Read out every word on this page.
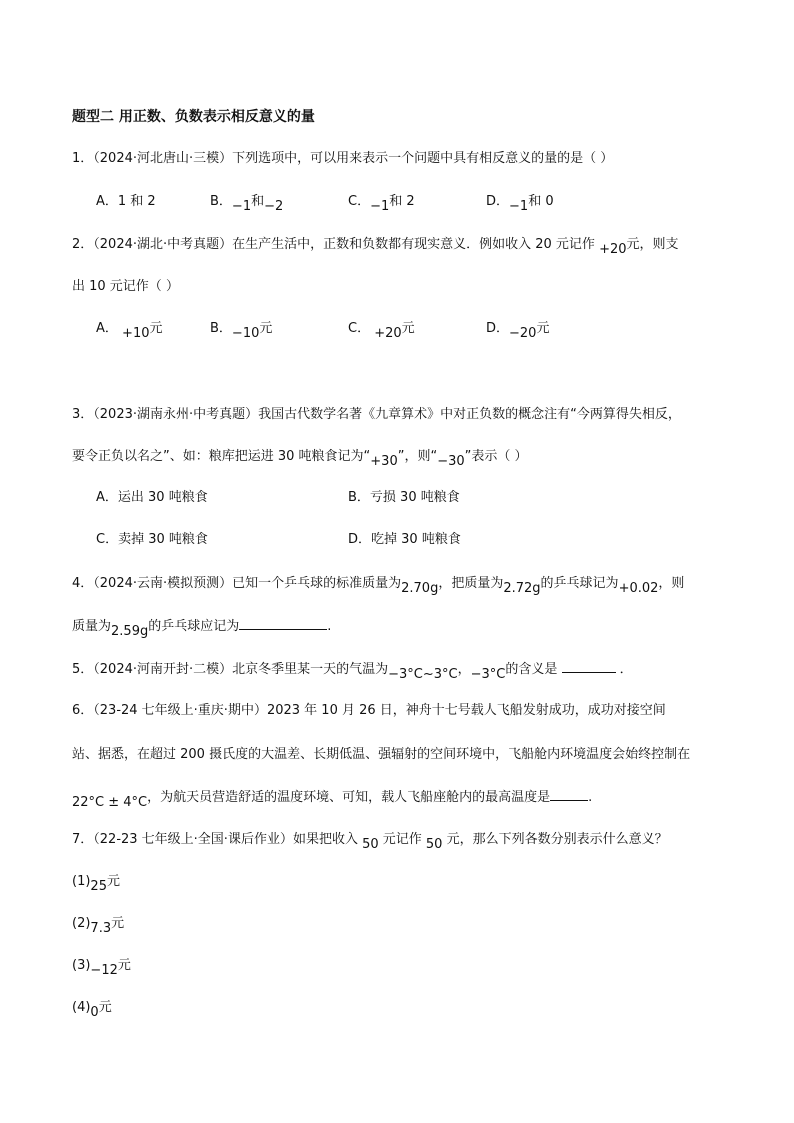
题型二 用正数、负数表示相反意义的量
1．（2024·河北唐山·三模）下列选项中，可以用来表示一个问题中具有相反意义的量的是（ ）
A．1 和 2	B．−1和−2	C．−1和 2	D．−1和 0
2．（2024·湖北·中考真题）在生产生活中，正数和负数都有现实意义．例如收入 20 元记作 +20元，则支
出 10 元记作（ ）
A． +10元	B．−10元	C． +20元	D．−20元
3．（2023·湖南永州·中考真题）我国古代数学名著《九章算术》中对正负数的概念注有“今两算得失相反，
要令正负以名之”、如：粮库把运进 30 吨粮食记为“+30”，则“−30”表示（ ）
A．运出 30 吨粮食	B．亏损 30 吨粮食
C．卖掉 30 吨粮食	D．吃掉 30 吨粮食
4．（2024·云南·模拟预测）已知一个乒乓球的标准质量为2.70g，把质量为2.72g的乒乓球记为+0.02，则
质量为2.59g的乒乓球应记为	.
5．（2024·河南开封·二模）北京冬季里某一天的气温为−3°C~3°C，−3°C的含义是	．
6．（23-24 七年级上·重庆·期中）2023 年 10 月 26 日，神舟十七号载人飞船发射成功，成功对接空间
站、据悉，在超过 200 摄氏度的大温差、长期低温、强辐射的空间环境中，飞船舱内环境温度会始终控制在
22°C ± 4°C，为航天员营造舒适的温度环境、可知，载人飞船座舱内的最高温度是	.
7．（22-23 七年级上·全国·课后作业）如果把收入 50 元记作 50 元，那么下列各数分别表示什么意义？
(1)25元
(2)7.3元
(3)−12元
(4)0元
